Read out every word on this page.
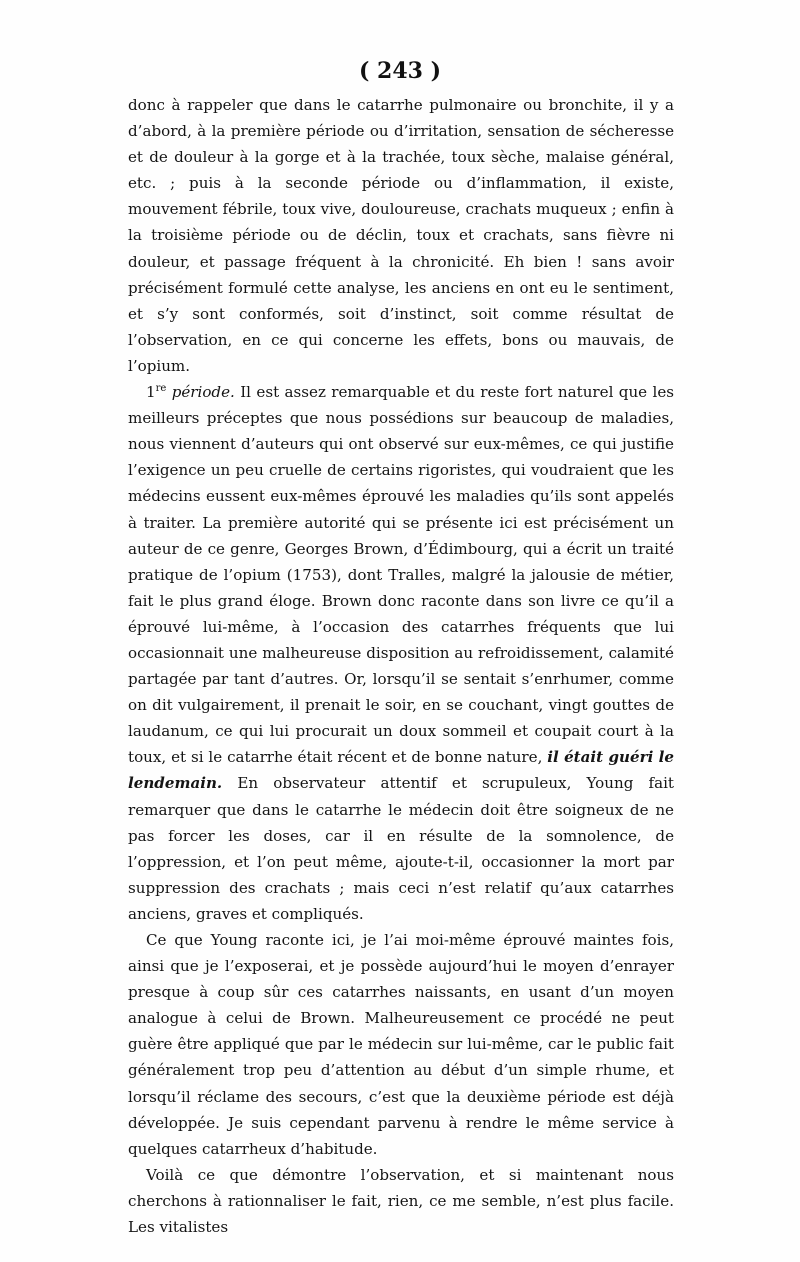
( 243 )

donc à rappeler que dans le catarrhe pulmonaire ou bronchite, il y a d’abord, à la première période ou d’irritation, sensation de sécheresse et de douleur à la gorge et à la trachée, toux sèche, malaise général, etc. ; puis à la seconde période ou d’inflammation, il existe, mouvement fébrile, toux vive, douloureuse, crachats muqueux ; enfin à la troisième période ou de déclin, toux et crachats, sans fièvre ni douleur, et passage fréquent à la chronicité. Eh bien ! sans avoir précisément formulé cette analyse, les anciens en ont eu le sentiment, et s’y sont conformés, soit d’instinct, soit comme résultat de l’observation, en ce qui concerne les effets, bons ou mauvais, de l’opium.

1re période. Il est assez remarquable et du reste fort naturel que les meilleurs préceptes que nous possédions sur beaucoup de maladies, nous viennent d’auteurs qui ont observé sur eux-mêmes, ce qui justifie l’exigence un peu cruelle de certains rigoristes, qui voudraient que les médecins eussent eux-mêmes éprouvé les maladies qu’ils sont appelés à traiter. La première autorité qui se présente ici est précisément un auteur de ce genre, Georges Brown, d’Édimbourg, qui a écrit un traité pratique de l’opium (1753), dont Tralles, malgré la jalousie de métier, fait le plus grand éloge. Brown donc raconte dans son livre ce qu’il a éprouvé lui-même, à l’occasion des catarrhes fréquents que lui occasionnait une malheureuse disposition au refroidissement, calamité partagée par tant d’autres. Or, lorsqu’il se sentait s’enrhumer, comme on dit vulgairement, il prenait le soir, en se couchant, vingt gouttes de laudanum, ce qui lui procurait un doux sommeil et coupait court à la toux, et si le catarrhe était récent et de bonne nature, il était guéri le lendemain. En observateur attentif et scrupuleux, Young fait remarquer que dans le catarrhe le médecin doit être soigneux de ne pas forcer les doses, car il en résulte de la somnolence, de l’oppression, et l’on peut même, ajoute-t-il, occasionner la mort par suppression des crachats ; mais ceci n’est relatif qu’aux catarrhes anciens, graves et compliqués.

Ce que Young raconte ici, je l’ai moi-même éprouvé maintes fois, ainsi que je l’exposerai, et je possède aujourd’hui le moyen d’enrayer presque à coup sûr ces catarrhes naissants, en usant d’un moyen analogue à celui de Brown. Malheureusement ce procédé ne peut guère être appliqué que par le médecin sur lui-même, car le public fait généralement trop peu d’attention au début d’un simple rhume, et lorsqu’il réclame des secours, c’est que la deuxième période est déjà développée. Je suis cependant parvenu à rendre le même service à quelques catarrheux d’habitude.

Voilà ce que démontre l’observation, et si maintenant nous cherchons à rationnaliser le fait, rien, ce me semble, n’est plus facile. Les vitalistes
